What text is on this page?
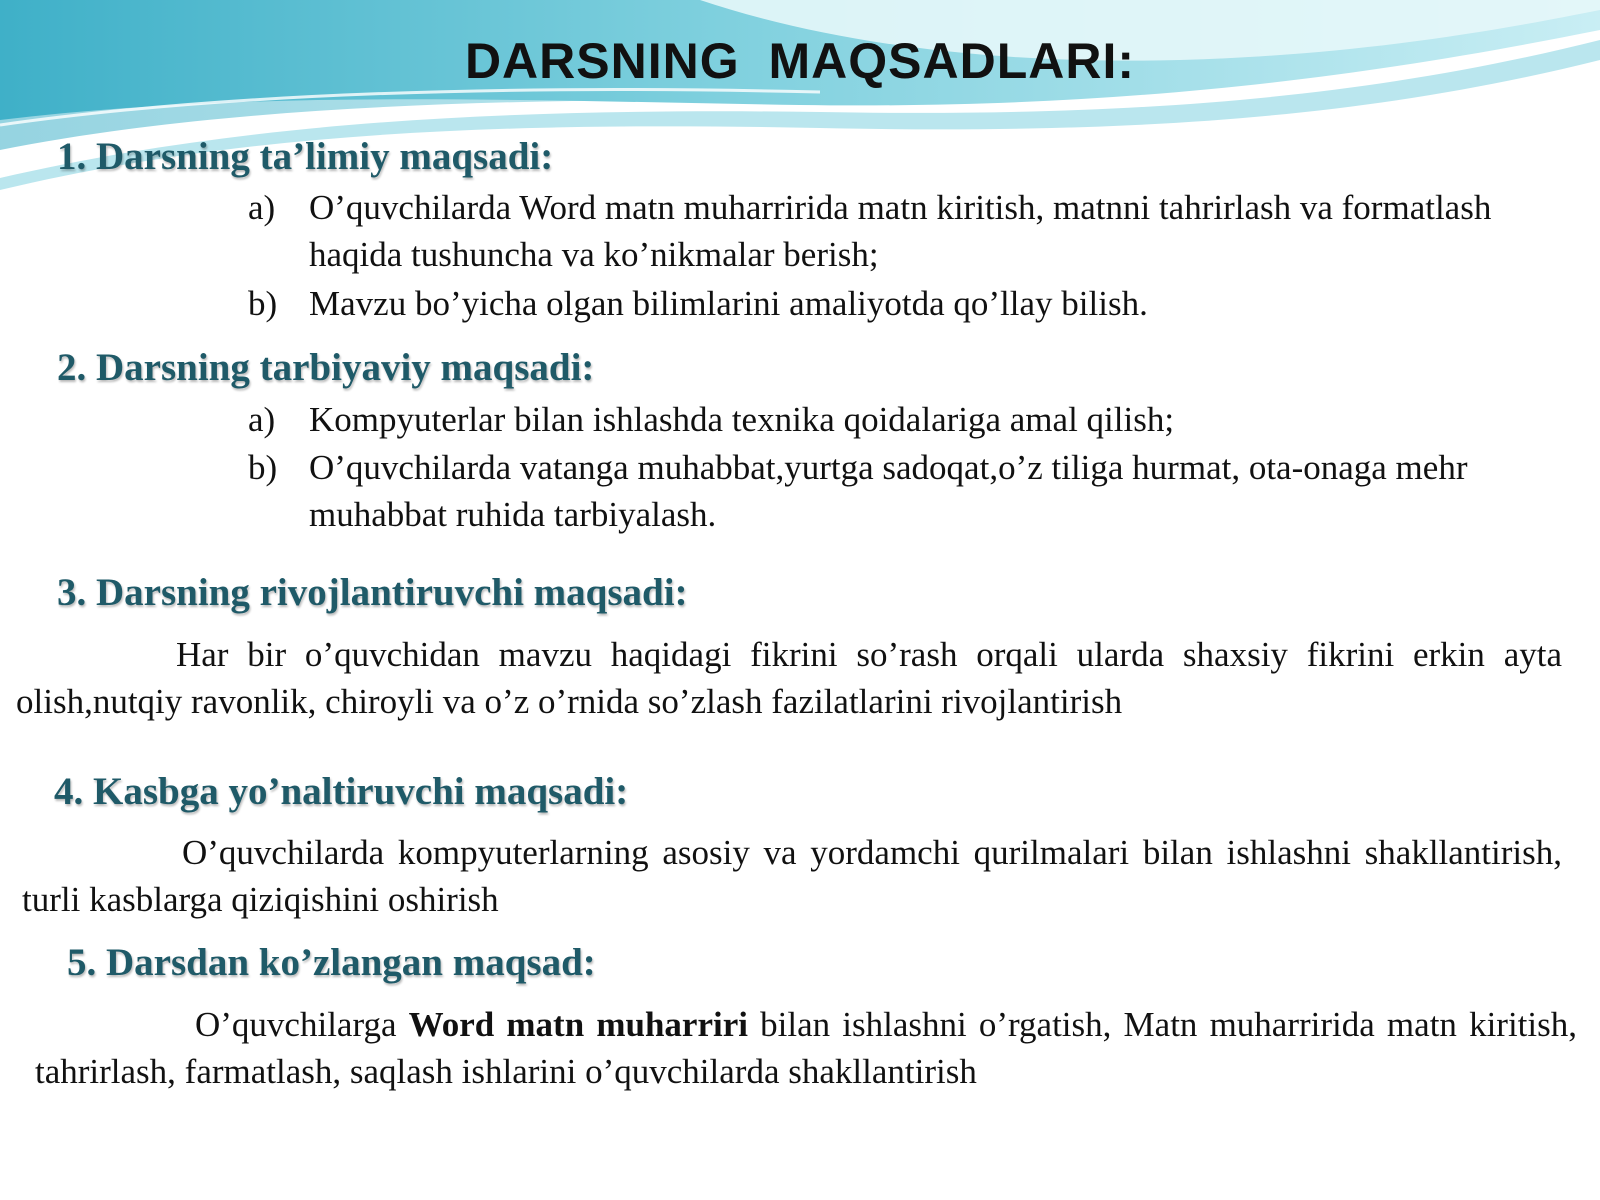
DARSNING MAQSADLARI:
1. Darsning ta’limiy maqsadi:
a) O’quvchilarda Word matn muharririda matn kiritish, matnni tahrirlash va formatlash haqida tushuncha va ko’nikmalar berish;
b) Mavzu bo’yicha olgan bilimlarini amaliyotda qo’llay bilish.
2. Darsning tarbiyaviy maqsadi:
a) Kompyuterlar bilan ishlashda texnika qoidalariga amal qilish;
b) O’quvchilarda vatanga muhabbat,yurtga sadoqat,o’z tiliga hurmat, ota-onaga mehr muhabbat ruhida tarbiyalash.
3. Darsning rivojlantiruvchi maqsadi:
Har bir o’quvchidan mavzu haqidagi fikrini so’rash orqali ularda shaxsiy fikrini erkin ayta olish,nutqiy ravonlik, chiroyli va o’z o’rnida so’zlash fazilatlarini rivojlantirish
4. Kasbga yo’naltiruvchi maqsadi:
O’quvchilarda kompyuterlarning asosiy va yordamchi qurilmalari bilan ishlashni shakllantirish, turli kasblarga qiziqishini oshirish
5. Darsdan ko’zlangan maqsad:
O’quvchilarga Word matn muharriri bilan ishlashni o’rgatish, Matn muharririda matn kiritish, tahrirlash, farmatlash, saqlash ishlarini o’quvchilarda shakllantirish
